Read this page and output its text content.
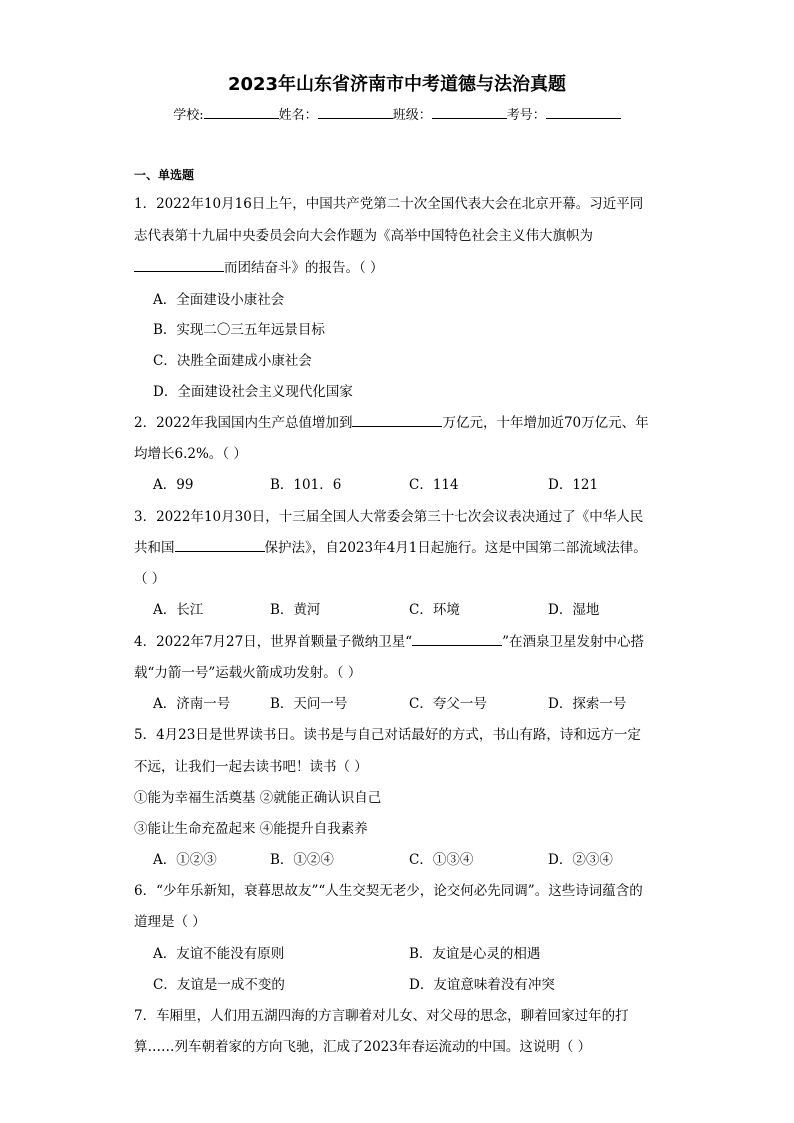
2023年山东省济南市中考道德与法治真题
学校:	姓名：	班级：	考号：
一、单选题
1．2022年10月16日上午，中国共产党第二十次全国代表大会在北京开幕。习近平同
志代表第十九届中央委员会向大会作题为《高举中国特色社会主义伟大旗帜为
而团结奋斗》的报告。（ ）
A．全面建设小康社会
B．实现二〇三五年远景目标
C．决胜全面建成小康社会
D．全面建设社会主义现代化国家
2．2022年我国国内生产总值增加到	万亿元，十年增加近70万亿元、年
均增长6.2%。（ ）
A．99	B．101．6	C．114	D．121
3．2022年10月30日，十三届全国人大常委会第三十七次会议表决通过了《中华人民
共和国	保护法》，自2023年4月1日起施行。这是中国第二部流域法律。
（ ）
A．长江	B．黄河	C．环境	D．湿地
4．2022年7月27日，世界首颗量子微纳卫星“	”在酒泉卫星发射中心搭
载“力箭一号”运载火箭成功发射。（ ）
A．济南一号	B．天问一号	C．夸父一号	D．探索一号
5．4月23日是世界读书日。读书是与自己对话最好的方式，书山有路，诗和远方一定
不远，让我们一起去读书吧！读书（ ）
①能为幸福生活奠基 ②就能正确认识自己
③能让生命充盈起来 ④能提升自我素养
A．①②③	B．①②④	C．①③④	D．②③④
6．“少年乐新知，衰暮思故友”“人生交契无老少，论交何必先同调”。这些诗词蕴含的
道理是（ ）
A．友谊不能没有原则	B．友谊是心灵的相遇
C．友谊是一成不变的	D．友谊意味着没有冲突
7．车厢里，人们用五湖四海的方言聊着对儿女、对父母的思念，聊着回家过年的打
算……列车朝着家的方向飞驰，汇成了2023年春运流动的中国。这说明（ ）
